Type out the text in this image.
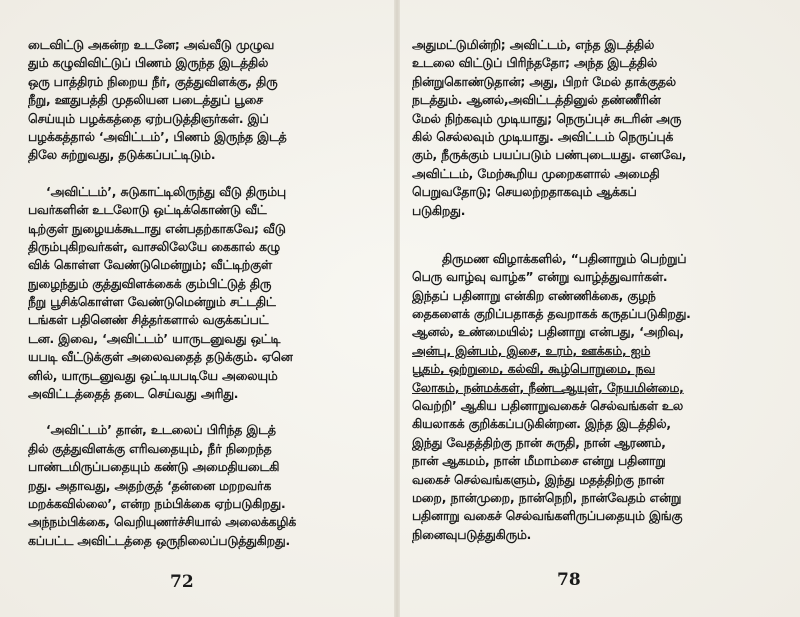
டைவிட்டு அகன்ற உடனே; அவ்வீடு முழுவ
தும் கழுவிவிட்டுப் பிணம் இருந்த இடத்தில்
ஒரு பாத்திரம் நிறைய நீர், குத்துவிளக்கு, திரு
நீறு, ஊதுபத்தி முதலியன படைத்துப் பூசை
செய்யும் பழக்கத்தை ஏற்படுத்திஞர்கள். இப்
பழக்கத்தால் ‘அவிட்டம்’, பிணம் இருந்த இடத்
திலே சுற்றுவது, தடுக்கப்பட்டிடும்.
‘அவிட்டம்’, சுடுகாட்டிலிருந்து வீடு திரும்பு
பவர்களின் உடலோடு ஒட்டிக்கொண்டு வீட்
டிற்குள் நுழையக்கூடாது என்பதற்காகவே; வீடு
திரும்புகிறவர்கள், வாசலிலேயே கைகால் கழு
விக் கொள்ள வேண்டுமென்றும்; வீட்டிற்குள்
நுழைந்தும் குத்துவிளக்கைக் கும்பிட்டுத் திரு
நீறு பூசிக்கொள்ள வேண்டுமென்றும் சட்டதிட்
டங்கள் பதினெண் சித்தர்களால் வகுக்கப்பட்
டன. இவை, ‘அவிட்டம்’ யாருடனுவது ஒட்டி
யபடி வீட்டுக்குள் அலைவதைத் தடுக்கும். ஏனெ
னில், யாருடனுவது ஒட்டியபடியே அலையும்
அவிட்டத்தைத் தடை செய்வது அரிது.
‘அவிட்டம்’ தான், உடலைப் பிரிந்த இடத்
தில் குத்துவிளக்கு எரிவதையும், நீர் நிறைந்த
பாண்டமிருப்பதையும் கண்டு அமைதியடைகி
றது. அதாவது, அதற்குத் ‘தன்னை மறறவர்க
மறக்கவில்லை’, என்ற நம்பிக்கை ஏற்படுகிறது.
அந்நம்பிக்கை, வெறியுணர்ச்சியால் அலைக்கழிக்
கப்பட்ட அவிட்டத்தை ஒருநிலைப்படுத்துகிறது.
அதுமட்டுமின்றி; அவிட்டம், எந்த இடத்தில்
உடலை விட்டுப் பிரிந்ததோ; அந்த இடத்தில்
நின்றுகொண்டுதான்; அது, பிறர் மேல் தாக்குதல்
நடத்தும். ஆனல்,அவிட்டத்தினுல் தண்ணீரின்
மேல் நிற்கவும் முடியாது; நெருப்புச் சுடரின் அரு
கில் செல்லவும் முடியாது. அவிட்டம் நெருப்புக்
கும், நீருக்கும் பயப்படும் பண்புடையது. எனவே,
அவிட்டம், மேற்கூறிய முறைகளால் அமைதி
பெறுவதோடு; செயலற்றதாகவும் ஆக்கப்
படுகிறது.
திருமண விழாக்களில், “பதினாறும் பெற்றுப்
பெரு வாழ்வு வாழ்க” என்று வாழ்த்துவார்கள்.
இந்தப் பதினாறு என்கிற எண்ணிக்கை, குழந்
தைகளைக் குறிப்பதாகத் தவறாகக் கருதப்படுகிறது.
ஆனல், உண்மையில்; பதினாறு என்பது, ‘அறிவு,
அன்பு, இன்பம், இசை, உரம், ஊக்கம், ஐம்
பூதம், ஒற்றுமை, கல்வி, கூழ்பொறுமை, நவ
லோகம், நன்மக்கள், நீண்டஆயுள், நேயமின்மை,
வெற்றி’ ஆகிய பதினாறுவகைச் செல்வங்கள் உல
கியலாகக் குறிக்கப்படுகின்றன. இந்த இடத்தில்,
இந்து வேதத்திற்கு நான் சுருதி, நான் ஆரணம்,
நான் ஆகமம், நான் மீமாம்சை என்று பதினாறு
வகைச் செல்வங்களும், இந்து மதத்திற்கு நான்
மறை, நான்முறை, நான்நெறி, நான்வேதம் என்று
பதினாறு வகைச் செல்வங்களிருப்பதையும் இங்கு
நினைவுபடுத்துகிரும்.
72	78
